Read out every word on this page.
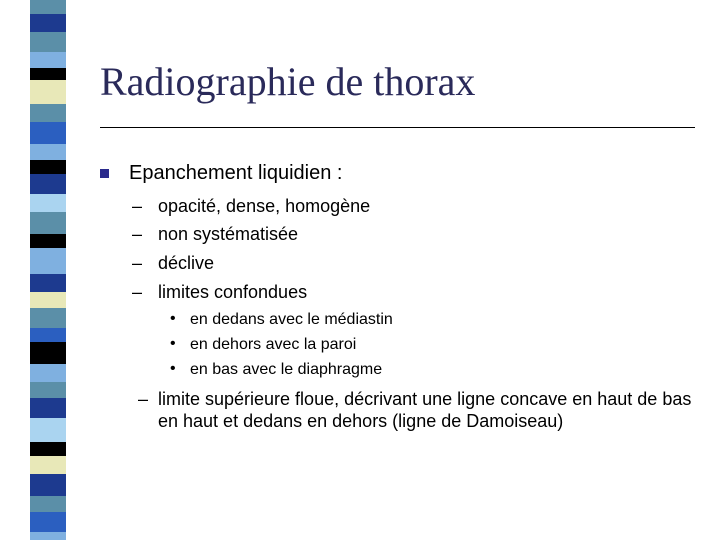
Radiographie de thorax
Epanchement liquidien :
– opacité, dense, homogène
– non systématisée
– déclive
– limites confondues
• en dedans avec le médiastin
• en dehors avec la paroi
• en bas avec le diaphragme
– limite supérieure floue, décrivant une ligne concave en haut de bas en haut et dedans en dehors (ligne de Damoiseau)
